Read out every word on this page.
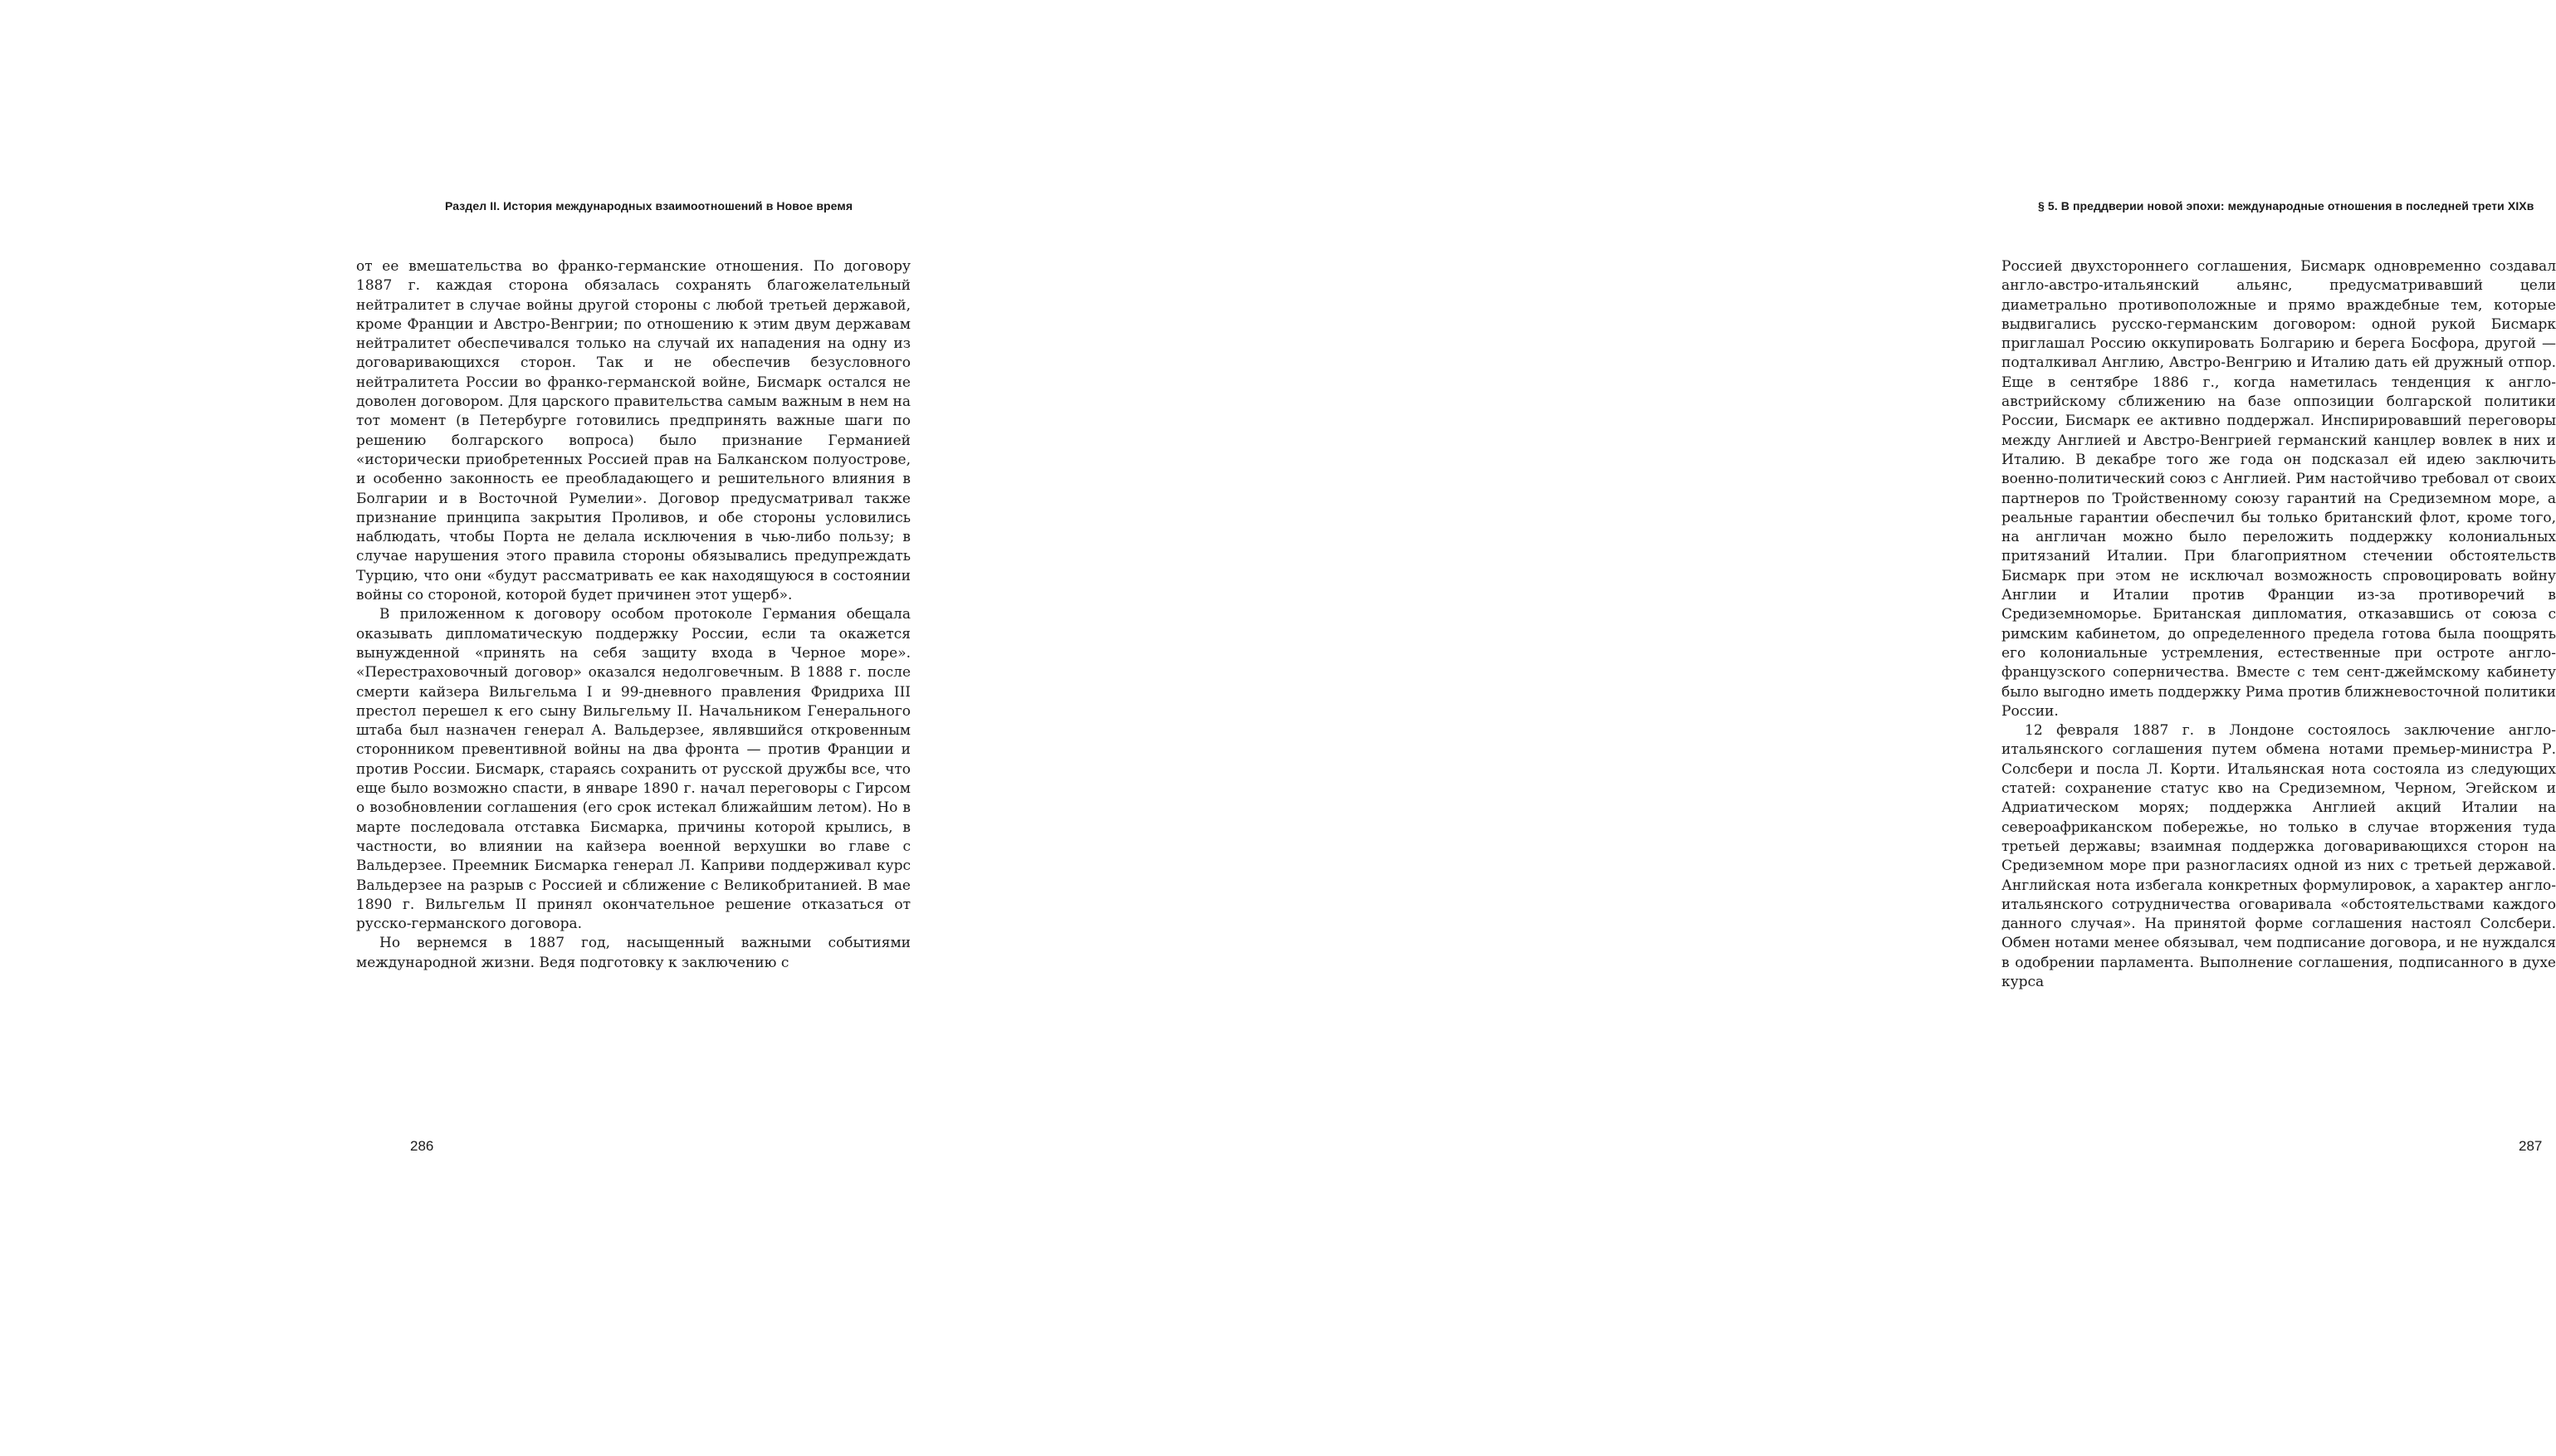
Раздел II. История международных взаимоотношений в Новое время

от ее вмешательства во франко-германские отношения. По договору 1887 г. каждая сторона обязалась сохранять благожелательный нейтралитет в случае войны другой стороны с любой третьей державой, кроме Франции и Австро-Венгрии; по отношению к этим двум державам нейтралитет обеспечивался только на случай их нападения на одну из договаривающихся сторон. Так и не обеспечив безусловного нейтралитета России во франко-германской войне, Бисмарк остался не доволен договором. Для царского правительства самым важным в нем на тот момент (в Петербурге готовились предпринять важные шаги по решению болгарского вопроса) было признание Германией «исторически приобретенных Россией прав на Балканском полуострове, и особенно законность ее преобладающего и решительного влияния в Болгарии и в Восточной Румелии». Договор предусматривал также признание принципа закрытия Проливов, и обе стороны условились наблюдать, чтобы Порта не делала исключения в чью-либо пользу; в случае нарушения этого правила стороны обязывались предупреждать Турцию, что они «будут рассматривать ее как находящуюся в состоянии войны со стороной, которой будет причинен этот ущерб».

В приложенном к договору особом протоколе Германия обещала оказывать дипломатическую поддержку России, если та окажется вынужденной «принять на себя защиту входа в Черное море». «Перестраховочный договор» оказался недолговечным. В 1888 г. после смерти кайзера Вильгельма I и 99-дневного правления Фридриха III престол перешел к его сыну Вильгельму II. Начальником Генерального штаба был назначен генерал А. Вальдерзее, являвшийся откровенным сторонником превентивной войны на два фронта — против Франции и против России. Бисмарк, стараясь сохранить от русской дружбы все, что еще было возможно спасти, в январе 1890 г. начал переговоры с Гирсом о возобновлении соглашения (его срок истекал ближайшим летом). Но в марте последовала отставка Бисмарка, причины которой крылись, в частности, во влиянии на кайзера военной верхушки во главе с Вальдерзее. Преемник Бисмарка генерал Л. Каприви поддерживал курс Вальдерзее на разрыв с Россией и сближение с Великобританией. В мае 1890 г. Вильгельм II принял окончательное решение отказаться от русско-германского договора.

Но вернемся в 1887 год, насыщенный важными событиями международной жизни. Ведя подготовку к заключению с

286
§ 5. В преддверии новой эпохи: международные отношения в последней трети XIXв

Россией двухстороннего соглашения, Бисмарк одновременно создавал англо-австро-итальянский альянс, предусматривавший цели диаметрально противоположные и прямо враждебные тем, которые выдвигались русско-германским договором: одной рукой Бисмарк приглашал Россию оккупировать Болгарию и берега Босфора, другой — подталкивал Англию, Австро-Венгрию и Италию дать ей дружный отпор. Еще в сентябре 1886 г., когда наметилась тенденция к англо-австрийскому сближению на базе оппозиции болгарской политики России, Бисмарк ее активно поддержал. Инспирировавший переговоры между Англией и Австро-Венгрией германский канцлер вовлек в них и Италию. В декабре того же года он подсказал ей идею заключить военно-политический союз с Англией. Рим настойчиво требовал от своих партнеров по Тройственному союзу гарантий на Средиземном море, а реальные гарантии обеспечил бы только британский флот, кроме того, на англичан можно было переложить поддержку колониальных притязаний Италии. При благоприятном стечении обстоятельств Бисмарк при этом не исключал возможность спровоцировать войну Англии и Италии против Франции из-за противоречий в Средиземноморье. Британская дипломатия, отказавшись от союза с римским кабинетом, до определенного предела готова была поощрять его колониальные устремления, естественные при остроте англо-французского соперничества. Вместе с тем сент-джеймскому кабинету было выгодно иметь поддержку Рима против ближневосточной политики России.

12 февраля 1887 г. в Лондоне состоялось заключение англо-итальянского соглашения путем обмена нотами премьер-министра Р. Солсбери и посла Л. Корти. Итальянская нота состояла из следующих статей: сохранение статус кво на Средиземном, Черном, Эгейском и Адриатическом морях; поддержка Англией акций Италии на североафриканском побережье, но только в случае вторжения туда третьей державы; взаимная поддержка договаривающихся сторон на Средиземном море при разногласиях одной из них с третьей державой. Английская нота избегала конкретных формулировок, а характер англо-итальянского сотрудничества оговаривала «обстоятельствами каждого данного случая». На принятой форме соглашения настоял Солсбери. Обмен нотами менее обязывал, чем подписание договора, и не нуждался в одобрении парламента. Выполнение соглашения, подписанного в духе курса

287
